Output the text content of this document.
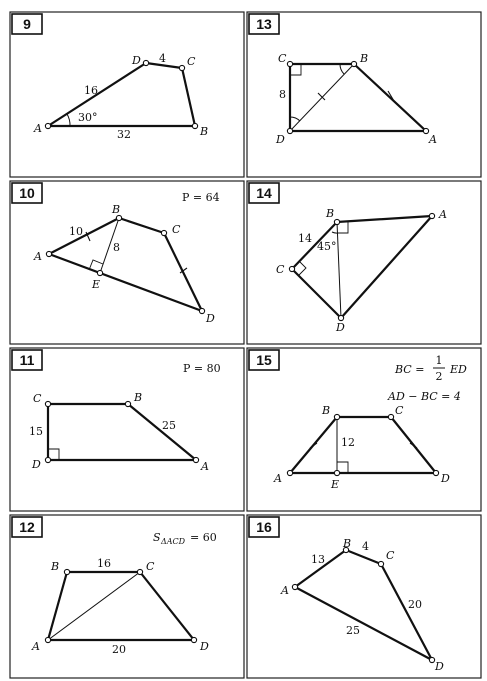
9
A	B
C
D
16
4
32
30°
13
C	B
A
D
8
10	P = 64
A
B
C
D
E
10
8
14
B	A
D
C
14
45°
11
P = 80
C	B
A
D
15	25
15
BC =
1
2
ED
AD − BC = 4
B	C
D
A	E
12
12
S ΔACD = 60
B	C
D
A
16
20
16
A
B
C
D
13
4
20
25
